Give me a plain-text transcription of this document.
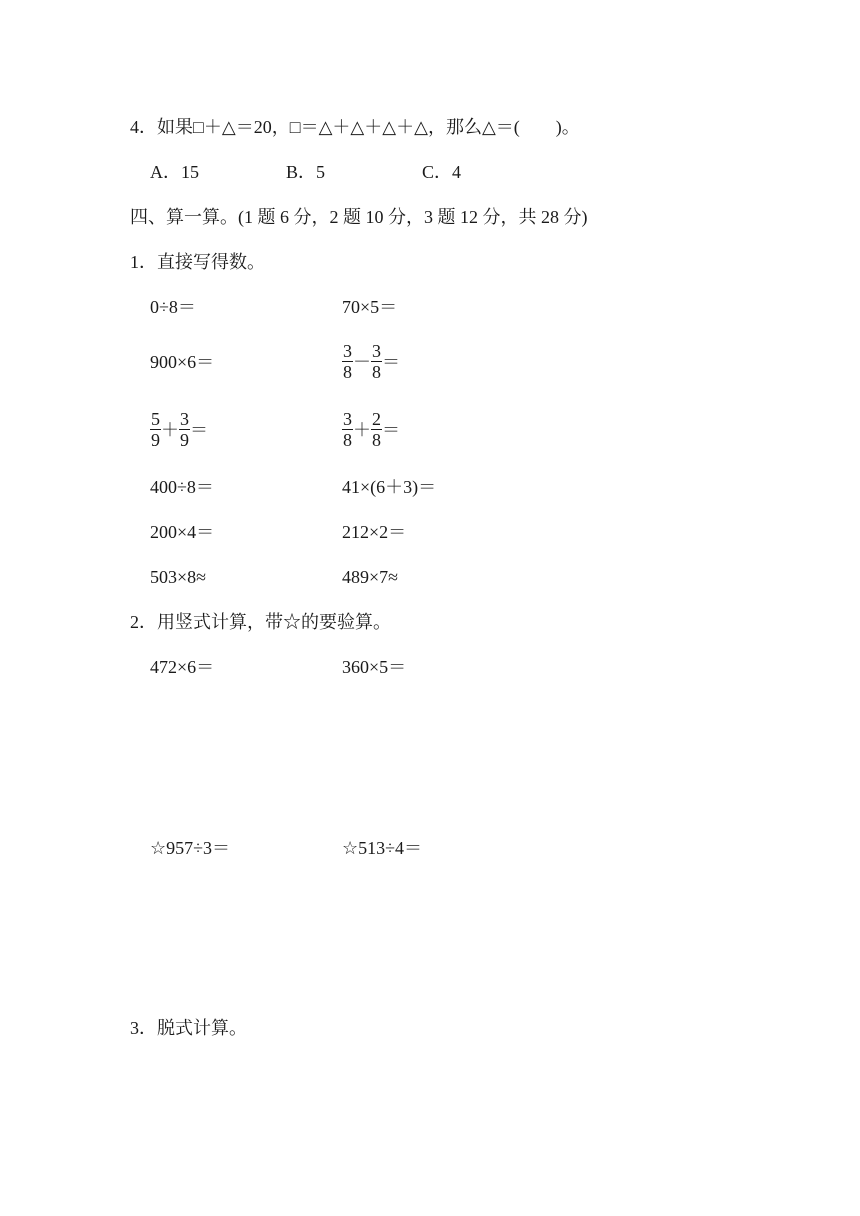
4．如果□＋△＝20，□＝△＋△＋△＋△，那么△＝(　　)。
A．15	B．5	C．4
四、算一算。(1 题 6 分，2 题 10 分，3 题 12 分，共 28 分)
1．直接写得数。
0÷8＝	70×5＝
900×6＝	$\frac{3}{8} - \frac{3}{8}$ ＝
$\frac{5}{9} + \frac{3}{9}$ ＝	$\frac{3}{8} + \frac{2}{8}$ ＝
400÷8＝	41×(6＋3)＝
200×4＝	212×2＝
503×8≈	489×7≈
2．用竖式计算，带☆的要验算。
472×6＝	360×5＝
☆957÷3＝	☆513÷4＝
3．脱式计算。
